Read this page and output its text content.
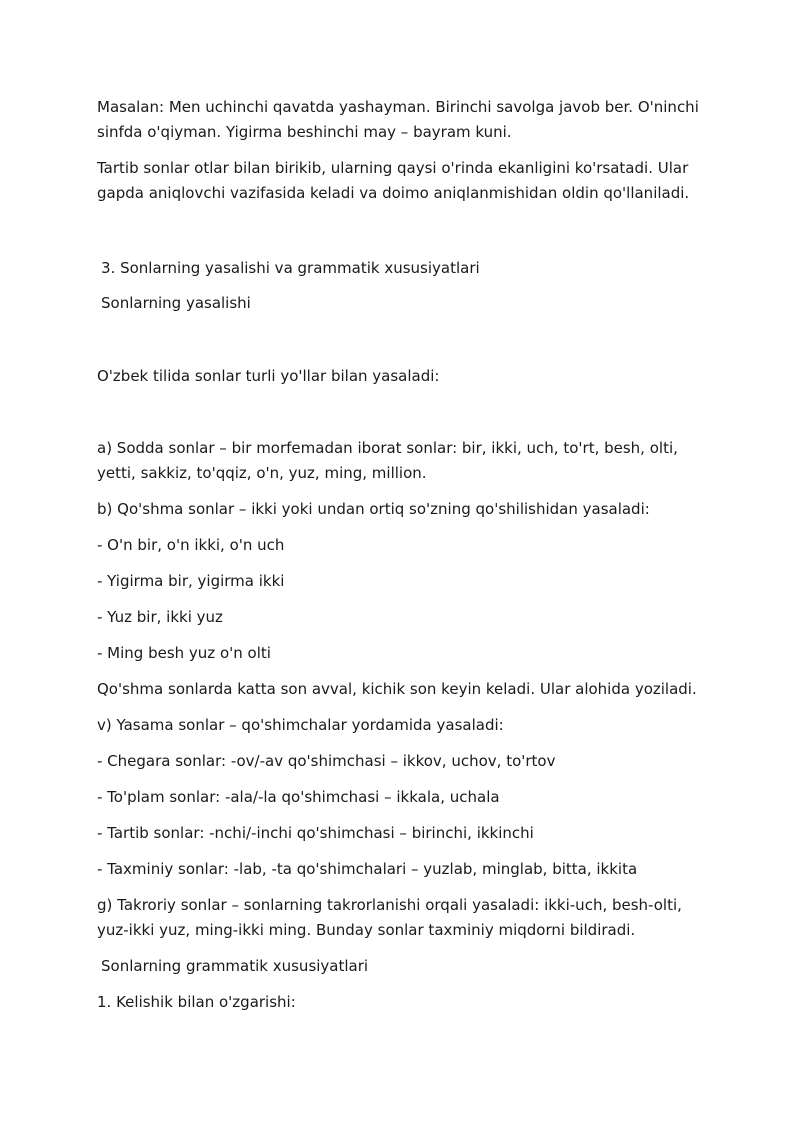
Masalan: Men uchinchi qavatda yashayman. Birinchi savolga javob ber. O'ninchi
sinfda o'qiyman. Yigirma beshinchi may – bayram kuni.
Tartib sonlar otlar bilan birikib, ularning qaysi o'rinda ekanligini ko'rsatadi. Ular
gapda aniqlovchi vazifasida keladi va doimo aniqlanmishidan oldin qo'llaniladi.
3. Sonlarning yasalishi va grammatik xususiyatlari
Sonlarning yasalishi
O'zbek tilida sonlar turli yo'llar bilan yasaladi:
a) Sodda sonlar – bir morfemadan iborat sonlar: bir, ikki, uch, to'rt, besh, olti,
yetti, sakkiz, to'qqiz, o'n, yuz, ming, million.
b) Qo'shma sonlar – ikki yoki undan ortiq so'zning qo'shilishidan yasaladi:
- O'n bir, o'n ikki, o'n uch
- Yigirma bir, yigirma ikki
- Yuz bir, ikki yuz
- Ming besh yuz o'n olti
Qo'shma sonlarda katta son avval, kichik son keyin keladi. Ular alohida yoziladi.
v) Yasama sonlar – qo'shimchalar yordamida yasaladi:
- Chegara sonlar: -ov/-av qo'shimchasi – ikkov, uchov, to'rtov
- To'plam sonlar: -ala/-la qo'shimchasi – ikkala, uchala
- Tartib sonlar: -nchi/-inchi qo'shimchasi – birinchi, ikkinchi
- Taxminiy sonlar: -lab, -ta qo'shimchalari – yuzlab, minglab, bitta, ikkita
g) Takroriy sonlar – sonlarning takrorlanishi orqali yasaladi: ikki-uch, besh-olti,
yuz-ikki yuz, ming-ikki ming. Bunday sonlar taxminiy miqdorni bildiradi.
Sonlarning grammatik xususiyatlari
1. Kelishik bilan o'zgarishi:
